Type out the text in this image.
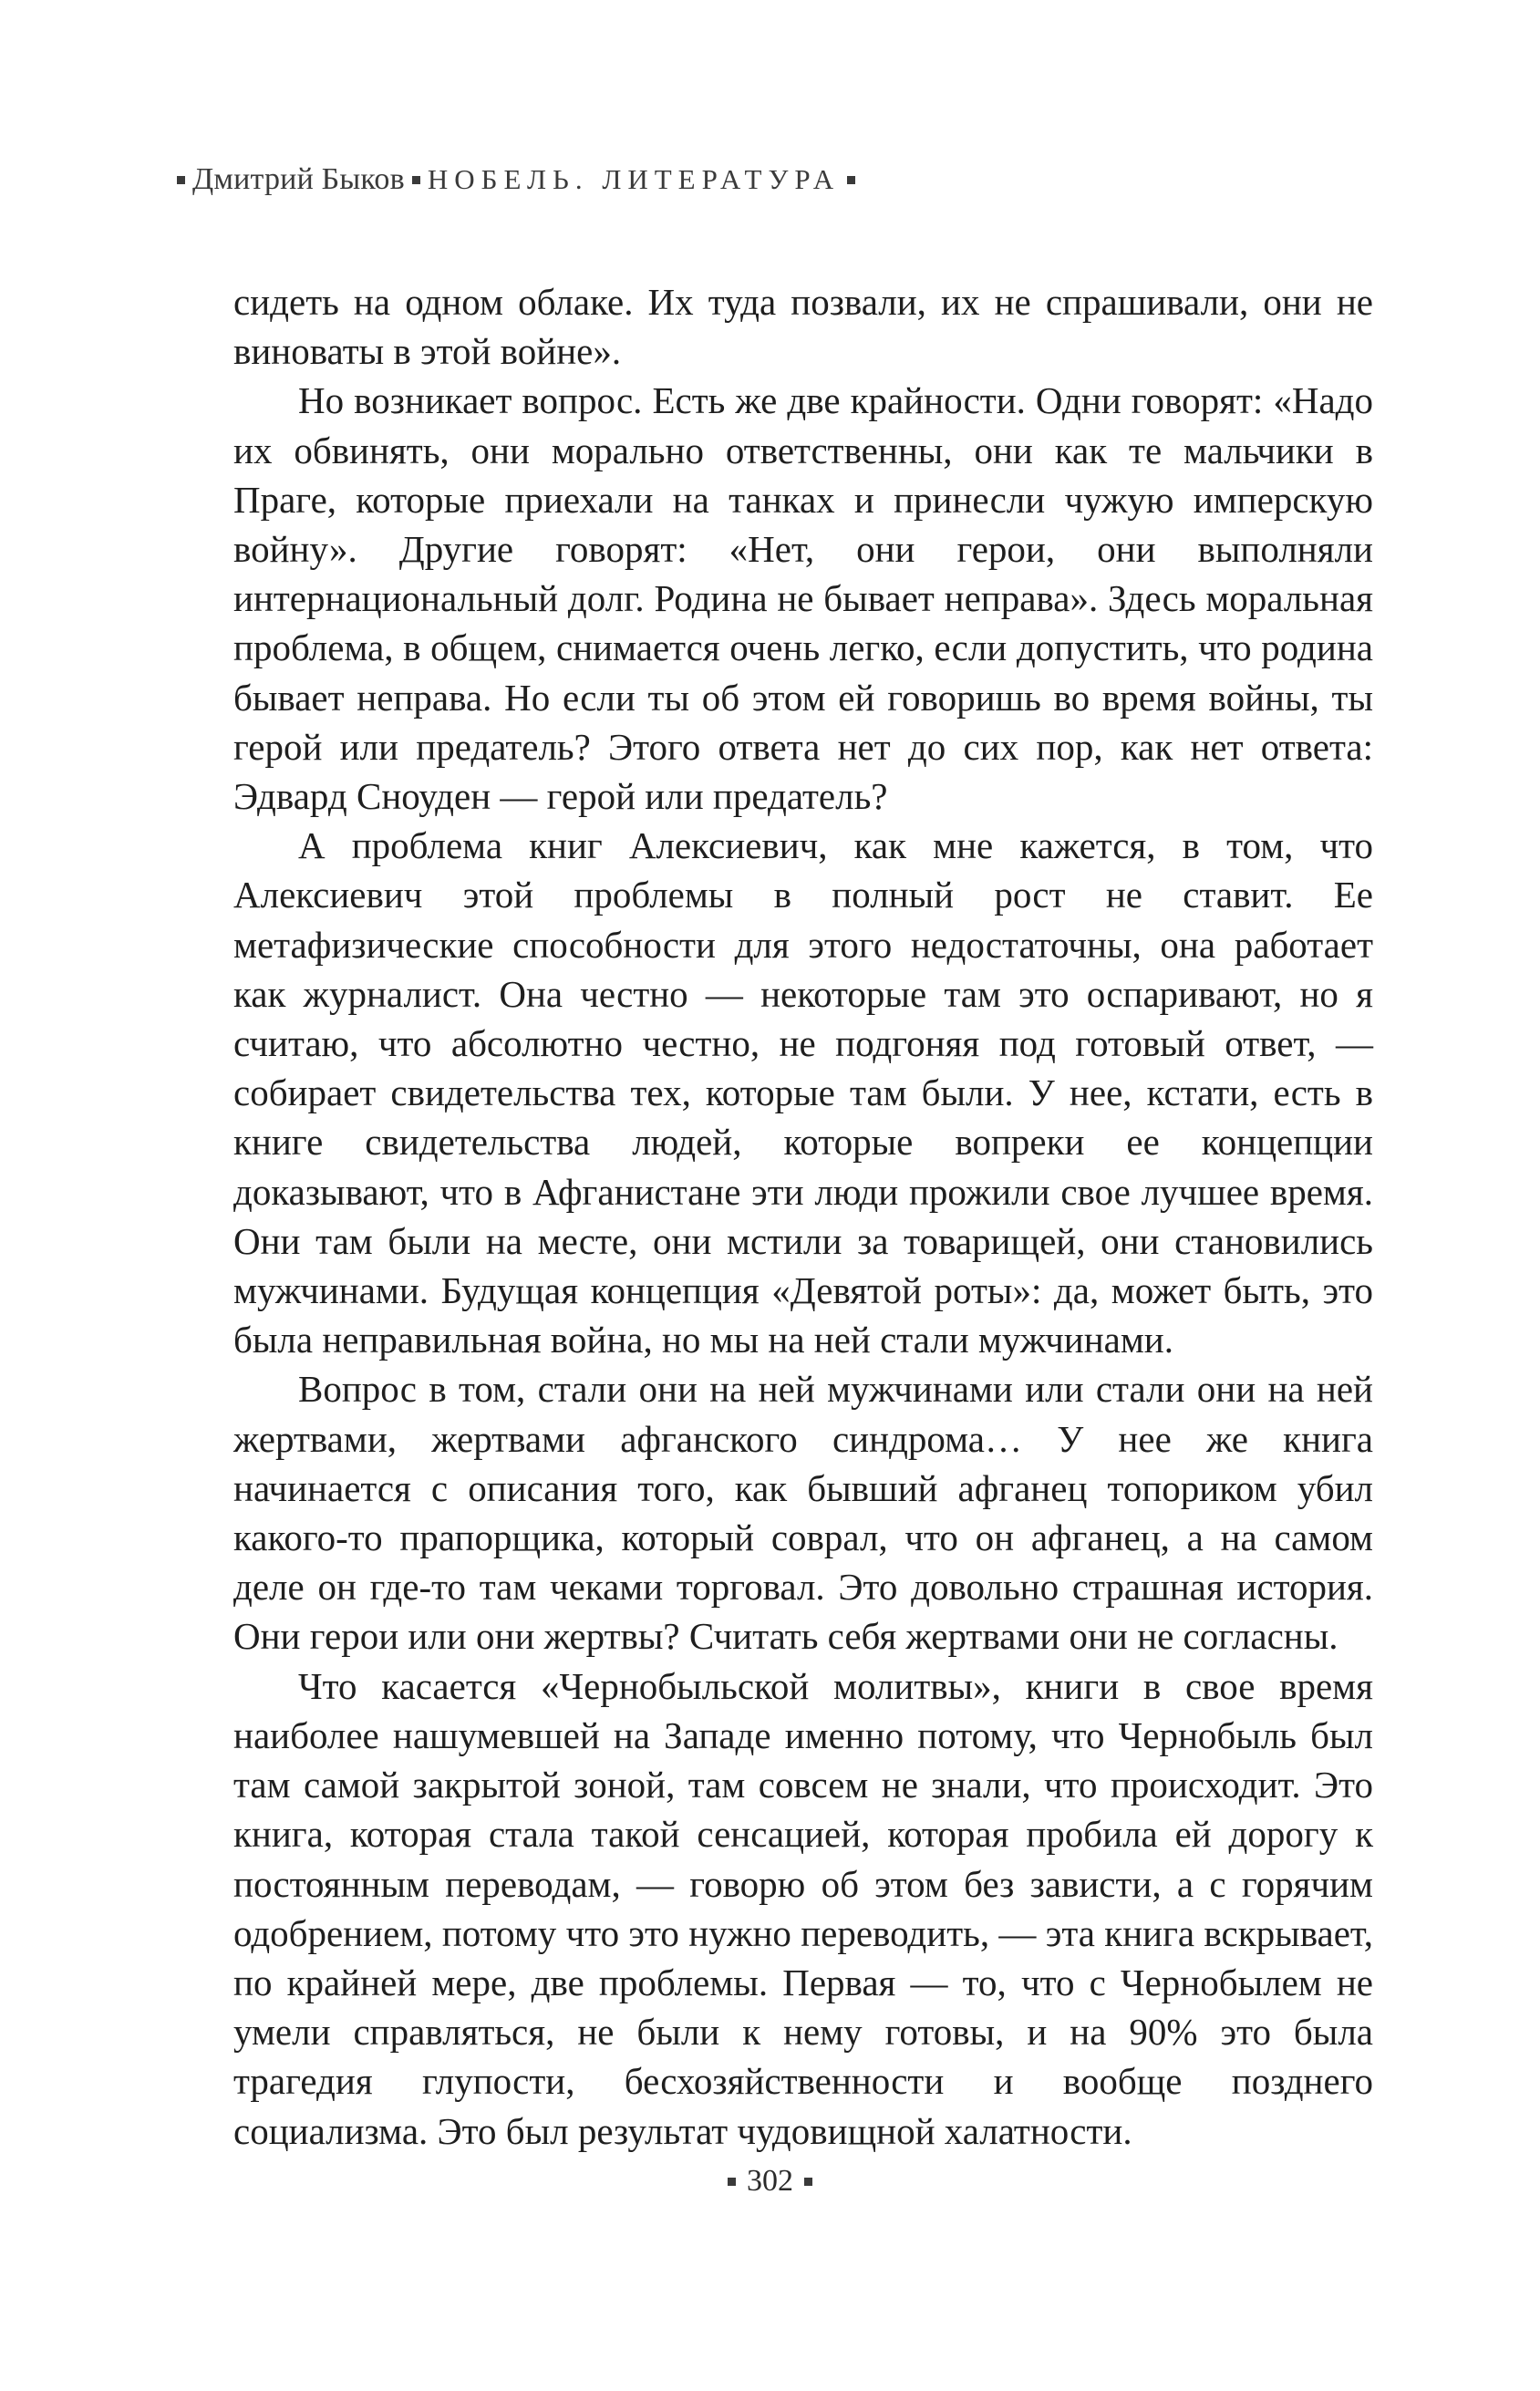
Дмитрий Быков НОБЕЛЬ. ЛИТЕРАТУРА

сидеть на одном облаке. Их туда позвали, их не спрашивали, они не виноваты в этой войне».

Но возникает вопрос. Есть же две крайности. Одни говорят: «Надо их обвинять, они морально ответственны, они как те мальчики в Праге, которые приехали на танках и принесли чужую имперскую войну». Другие говорят: «Нет, они герои, они выполняли интернациональный долг. Родина не бывает неправа». Здесь моральная проблема, в общем, снимается очень легко, если допустить, что родина бывает неправа. Но если ты об этом ей говоришь во время войны, ты герой или предатель? Этого ответа нет до сих пор, как нет ответа: Эдвард Сноуден — герой или предатель?

А проблема книг Алексиевич, как мне кажется, в том, что Алексиевич этой проблемы в полный рост не ставит. Ее метафизические способности для этого недостаточны, она работает как журналист. Она честно — некоторые там это оспаривают, но я считаю, что абсолютно честно, не подгоняя под готовый ответ, — собирает свидетельства тех, которые там были. У нее, кстати, есть в книге свидетельства людей, которые вопреки ее концепции доказывают, что в Афганистане эти люди прожили свое лучшее время. Они там были на месте, они мстили за товарищей, они становились мужчинами. Будущая концепция «Девятой роты»: да, может быть, это была неправильная война, но мы на ней стали мужчинами.

Вопрос в том, стали они на ней мужчинами или стали они на ней жертвами, жертвами афганского синдрома… У нее же книга начинается с описания того, как бывший афганец топориком убил какого-то прапорщика, который соврал, что он афганец, а на самом деле он где-то там чеками торговал. Это довольно страшная история. Они герои или они жертвы? Считать себя жертвами они не согласны.

Что касается «Чернобыльской молитвы», книги в свое время наиболее нашумевшей на Западе именно потому, что Чернобыль был там самой закрытой зоной, там совсем не знали, что происходит. Это книга, которая стала такой сенсацией, которая пробила ей дорогу к постоянным переводам, — говорю об этом без зависти, а с горячим одобрением, потому что это нужно переводить, — эта книга вскрывает, по крайней мере, две проблемы. Первая — то, что с Чернобылем не умели справляться, не были к нему готовы, и на 90% это была трагедия глупости, бесхозяйственности и вообще позднего социализма. Это был результат чудовищной халатности.

302
